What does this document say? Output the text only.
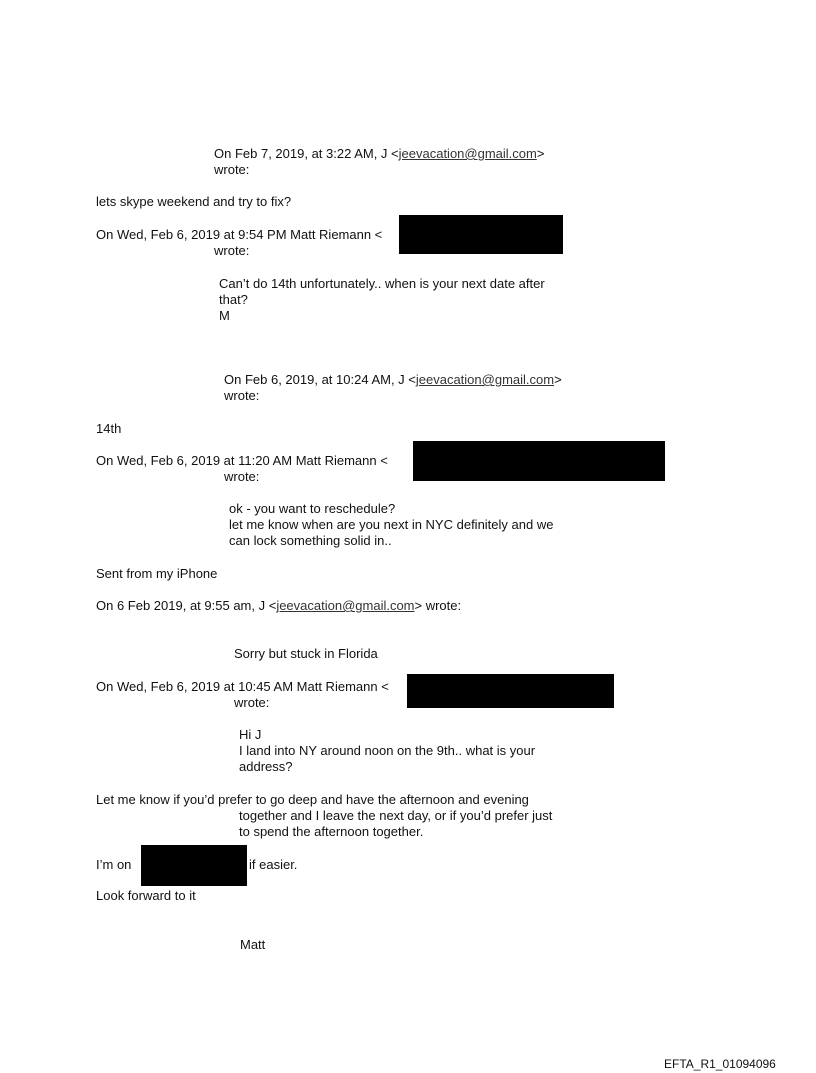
On Feb 7, 2019, at 3:22 AM, J <jeevacation@gmail.com>
wrote:
lets skype weekend and try to fix?
On Wed, Feb 6, 2019 at 9:54 PM Matt Riemann <
wrote:
Can’t do 14th unfortunately.. when is your next date after
that?
M
On Feb 6, 2019, at 10:24 AM, J <jeevacation@gmail.com>
wrote:
14th
On Wed, Feb 6, 2019 at 11:20 AM Matt Riemann <
wrote:
ok - you want to reschedule?
let me know when are you next in NYC definitely and we
can lock something solid in..
Sent from my iPhone
On 6 Feb 2019, at 9:55 am, J <jeevacation@gmail.com> wrote:
Sorry but stuck in Florida
On Wed, Feb 6, 2019 at 10:45 AM Matt Riemann <
wrote:
Hi J
I land into NY around noon on the 9th.. what is your
address?
Let me know if you’d prefer to go deep and have the afternoon and evening
together and I leave the next day, or if you’d prefer just
to spend the afternoon together.
I’m on	if easier.
Look forward to it
Matt
EFTA_R1_01094096
